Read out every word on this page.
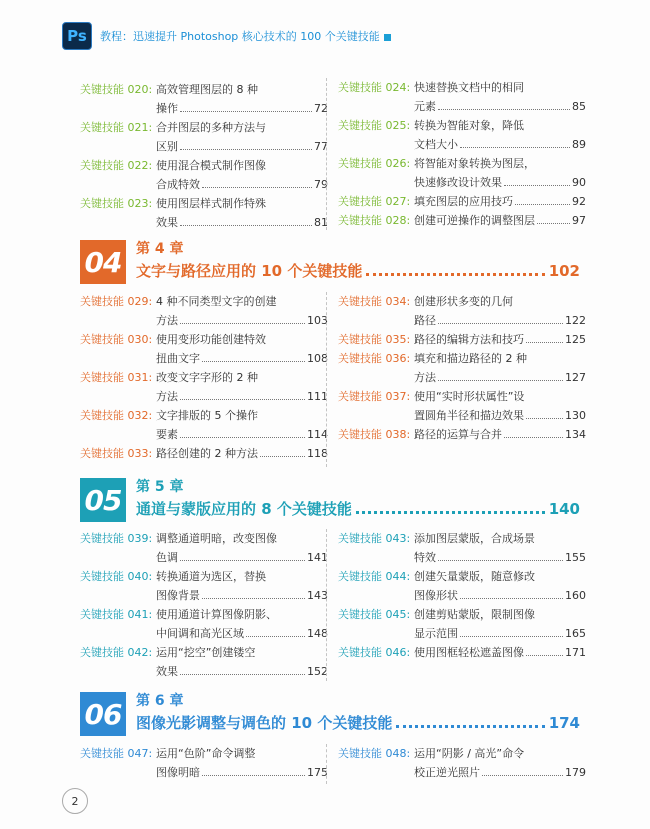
Ps	教程：迅速提升 Photoshop 核心技术的 100 个关键技能
关键技能 020: 高效管理图层的 8 种
操作	72
关键技能 021: 合并图层的多种方法与
区别	77
关键技能 022: 使用混合模式制作图像
合成特效	79
关键技能 023: 使用图层样式制作特殊
效果	81
关键技能 024: 快速替换文档中的相同
元素	85
关键技能 025: 转换为智能对象，降低
文档大小	89
关键技能 026: 将智能对象转换为图层，
快速修改设计效果	90
关键技能 027: 填充图层的应用技巧	92
关键技能 028: 创建可逆操作的调整图层	97
04	第 4 章
文字与路径应用的 10 个关键技能	102
关键技能 029: 4 种不同类型文字的创建
方法	103
关键技能 030: 使用变形功能创建特效
扭曲文字	108
关键技能 031: 改变文字字形的 2 种
方法	111
关键技能 032: 文字排版的 5 个操作
要素	114
关键技能 033: 路径创建的 2 种方法	118
关键技能 034: 创建形状多变的几何
路径	122
关键技能 035: 路径的编辑方法和技巧	125
关键技能 036: 填充和描边路径的 2 种
方法	127
关键技能 037: 使用“实时形状属性”设
置圆角半径和描边效果	130
关键技能 038: 路径的运算与合并	134
05	第 5 章
通道与蒙版应用的 8 个关键技能	140
关键技能 039: 调整通道明暗，改变图像
色调	141
关键技能 040: 转换通道为选区，替换
图像背景	143
关键技能 041: 使用通道计算图像阴影、
中间调和高光区域	148
关键技能 042: 运用“挖空”创建镂空
效果	152
关键技能 043: 添加图层蒙版，合成场景
特效	155
关键技能 044: 创建矢量蒙版，随意修改
图像形状	160
关键技能 045: 创建剪贴蒙版，限制图像
显示范围	165
关键技能 046: 使用图框轻松遮盖图像	171
06	第 6 章
图像光影调整与调色的 10 个关键技能	174
关键技能 047: 运用“色阶”命令调整
图像明暗	175
关键技能 048: 运用“阴影 / 高光”命令
校正逆光照片	179
2
